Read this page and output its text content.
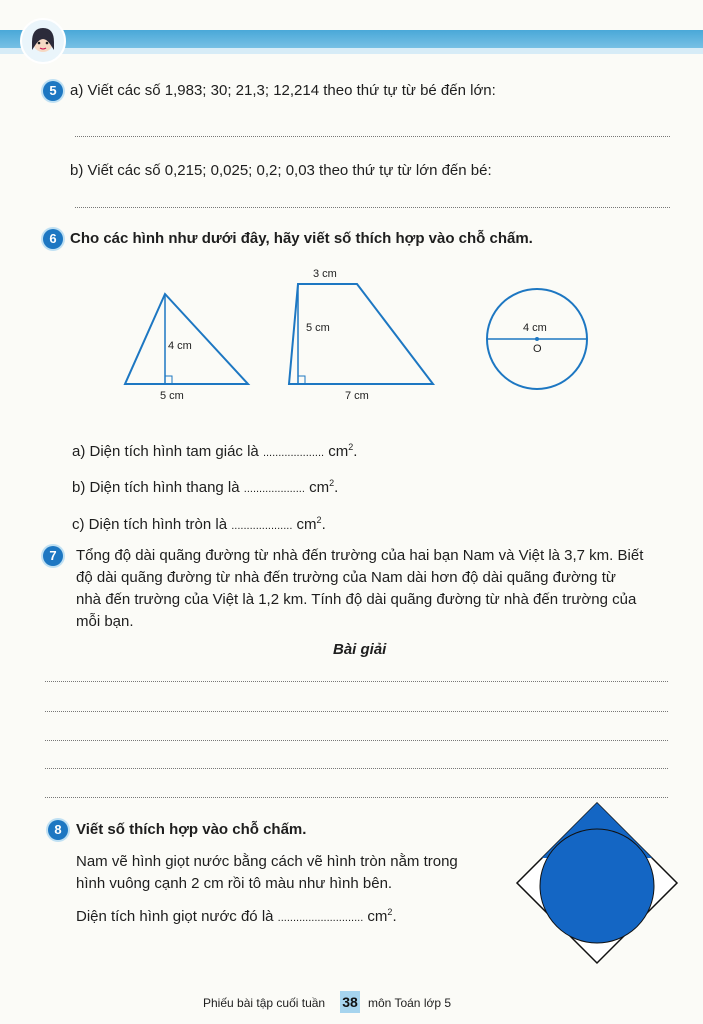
5 a) Viết các số 1,983; 30; 21,3; 12,214 theo thứ tự từ bé đến lớn:
b) Viết các số 0,215; 0,025; 0,2; 0,03 theo thứ tự từ lớn đến bé:
6 Cho các hình như dưới đây, hãy viết số thích hợp vào chỗ chấm.
4 cm
5 cm
3 cm
5 cm
7 cm
4 cm
O
a) Diện tích hình tam giác là .................... $cm^2$.
b) Diện tích hình thang là .................... $cm^2$.
c) Diện tích hình tròn là .................... $cm^2$.
7	Tổng độ dài quãng đường từ nhà đến trường của hai bạn Nam và Việt là 3,7 km. Biết
độ dài quãng đường từ nhà đến trường của Nam dài hơn độ dài quãng đường từ
nhà đến trường của Việt là 1,2 km. Tính độ dài quãng đường từ nhà đến trường của
mỗi bạn.
Bài giải
8 Viết số thích hợp vào chỗ chấm.
Nam vẽ hình giọt nước bằng cách vẽ hình tròn nằm trong
hình vuông cạnh 2 cm rồi tô màu như hình bên.
Diện tích hình giọt nước đó là ............................ $cm^2$.
Phiếu bài tập cuối tuần 38 môn Toán lớp 5
